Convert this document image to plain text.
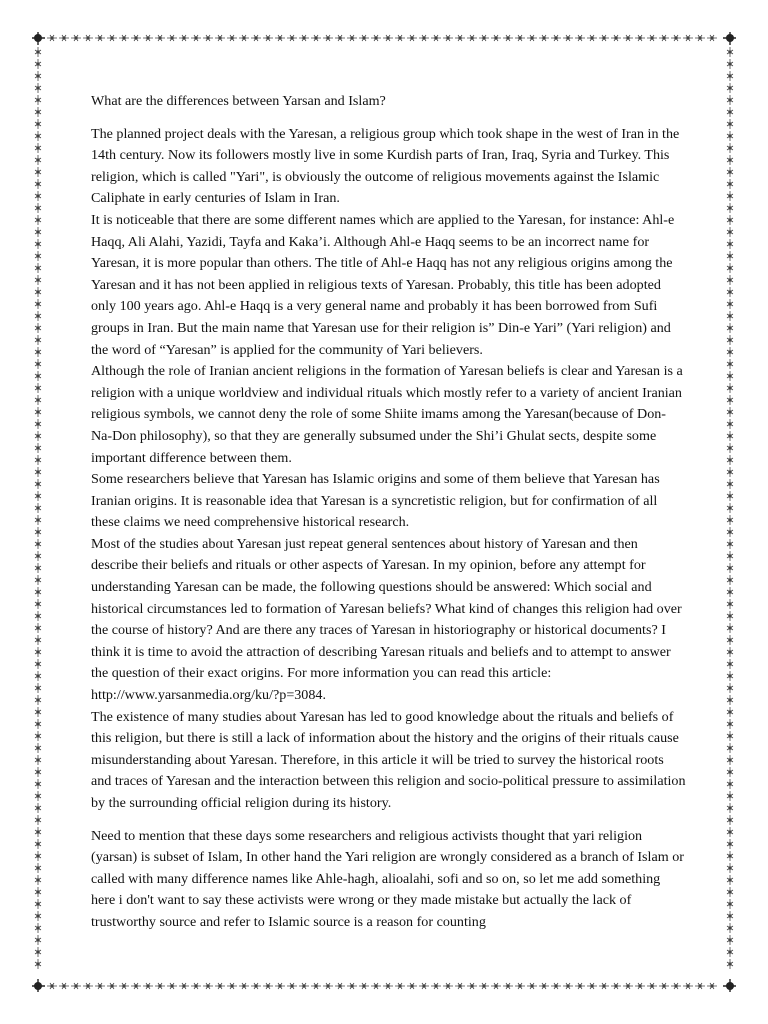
What are the differences between Yarsan and Islam?

The planned project deals with the Yaresan, a religious group which took shape in the west of Iran in the 14th century. Now its followers mostly live in some Kurdish parts of Iran, Iraq, Syria and Turkey. This religion, which is called "Yari", is obviously the outcome of religious movements against the Islamic Caliphate in early centuries of Islam in Iran.

It is noticeable that there are some different names which are applied to the Yaresan, for instance: Ahl-e Haqq, Ali Alahi, Yazidi, Tayfa and Kaka’i. Although Ahl-e Haqq seems to be an incorrect name for Yaresan, it is more popular than others. The title of Ahl-e Haqq has not any religious origins among the Yaresan and it has not been applied in religious texts of Yaresan. Probably, this title has been adopted only 100 years ago. Ahl-e Haqq is a very general name and probably it has been borrowed from Sufi groups in Iran. But the main name that Yaresan use for their religion is” Din-e Yari” (Yari religion) and the word of “Yaresan” is applied for the community of Yari believers.

Although the role of Iranian ancient religions in the formation of Yaresan beliefs is clear and Yaresan is a religion with a unique worldview and individual rituals which mostly refer to a variety of ancient Iranian religious symbols, we cannot deny the role of some Shiite imams among the Yaresan(because of Don-Na-Don philosophy), so that they are generally subsumed under the Shi’i Ghulat sects, despite some important difference between them.

Some researchers believe that Yaresan has Islamic origins and some of them believe that Yaresan has Iranian origins. It is reasonable idea that Yaresan is a syncretistic religion, but for confirmation of all these claims we need comprehensive historical research.

Most of the studies about Yaresan just repeat general sentences about history of Yaresan and then describe their beliefs and rituals or other aspects of Yaresan. In my opinion, before any attempt for understanding Yaresan can be made, the following questions should be answered: Which social and historical circumstances led to formation of Yaresan beliefs? What kind of changes this religion had over the course of history? And are there any traces of Yaresan in historiography or historical documents? I think it is time to avoid the attraction of describing Yaresan rituals and beliefs and to attempt to answer the question of their exact origins. For more information you can read this article: http://www.yarsanmedia.org/ku/?p=3084.

The existence of many studies about Yaresan has led to good knowledge about the rituals and beliefs of this religion, but there is still a lack of information about the history and the origins of their rituals cause misunderstanding about Yaresan. Therefore, in this article it will be tried to survey the historical roots and traces of Yaresan and the interaction between this religion and socio-political pressure to assimilation by the surrounding official religion during its history.

Need to mention that these days some researchers and religious activists thought that yari religion (yarsan) is subset of Islam, In other hand the Yari religion are wrongly considered as a branch of Islam or called with many difference names like Ahle-hagh, alioalahi, sofi and so on, so let me add something here i don't want to say these activists were wrong or they made mistake but actually the lack of trustworthy source and refer to Islamic source is a reason for counting
